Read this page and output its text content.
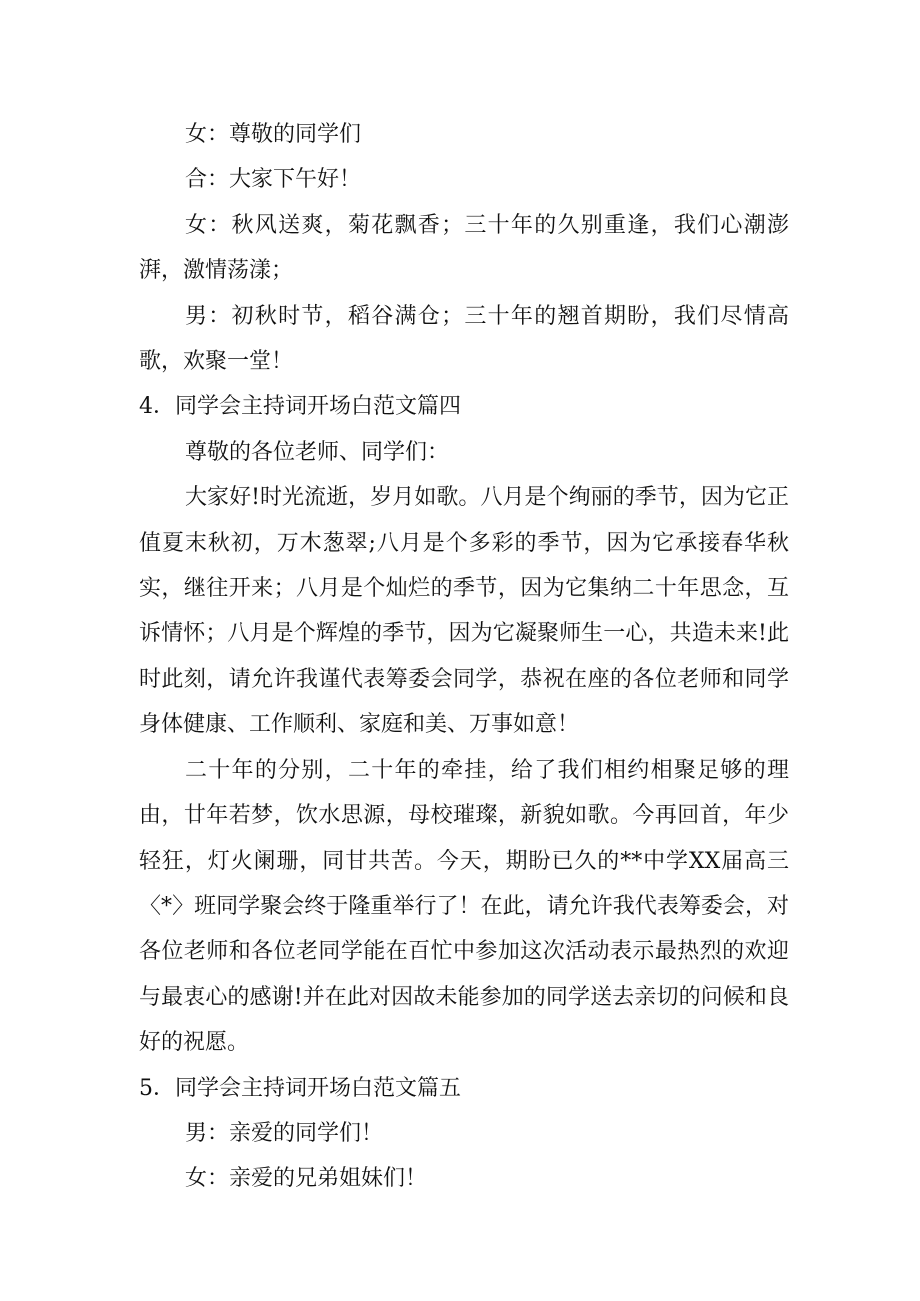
女：尊敬的同学们

合：大家下午好！

女：秋风送爽，菊花飘香；三十年的久别重逢，我们心潮澎湃，激情荡漾；

男：初秋时节，稻谷满仓；三十年的翘首期盼，我们尽情高歌，欢聚一堂！

4．同学会主持词开场白范文篇四

尊敬的各位老师、同学们：

大家好!时光流逝，岁月如歌。八月是个绚丽的季节，因为它正值夏末秋初，万木葱翠;八月是个多彩的季节，因为它承接春华秋实，继往开来；八月是个灿烂的季节，因为它集纳二十年思念，互诉情怀；八月是个辉煌的季节，因为它凝聚师生一心，共造未来!此时此刻，请允许我谨代表筹委会同学，恭祝在座的各位老师和同学身体健康、工作顺利、家庭和美、万事如意！

二十年的分别，二十年的牵挂，给了我们相约相聚足够的理由，廿年若梦，饮水思源，母校璀璨，新貌如歌。今再回首，年少轻狂，灯火阑珊，同甘共苦。今天，期盼已久的**中学XX届高三〈*〉班同学聚会终于隆重举行了！在此，请允许我代表筹委会，对各位老师和各位老同学能在百忙中参加这次活动表示最热烈的欢迎与最衷心的感谢!并在此对因故未能参加的同学送去亲切的问候和良好的祝愿。

5．同学会主持词开场白范文篇五

男：亲爱的同学们！

女：亲爱的兄弟姐妹们！
